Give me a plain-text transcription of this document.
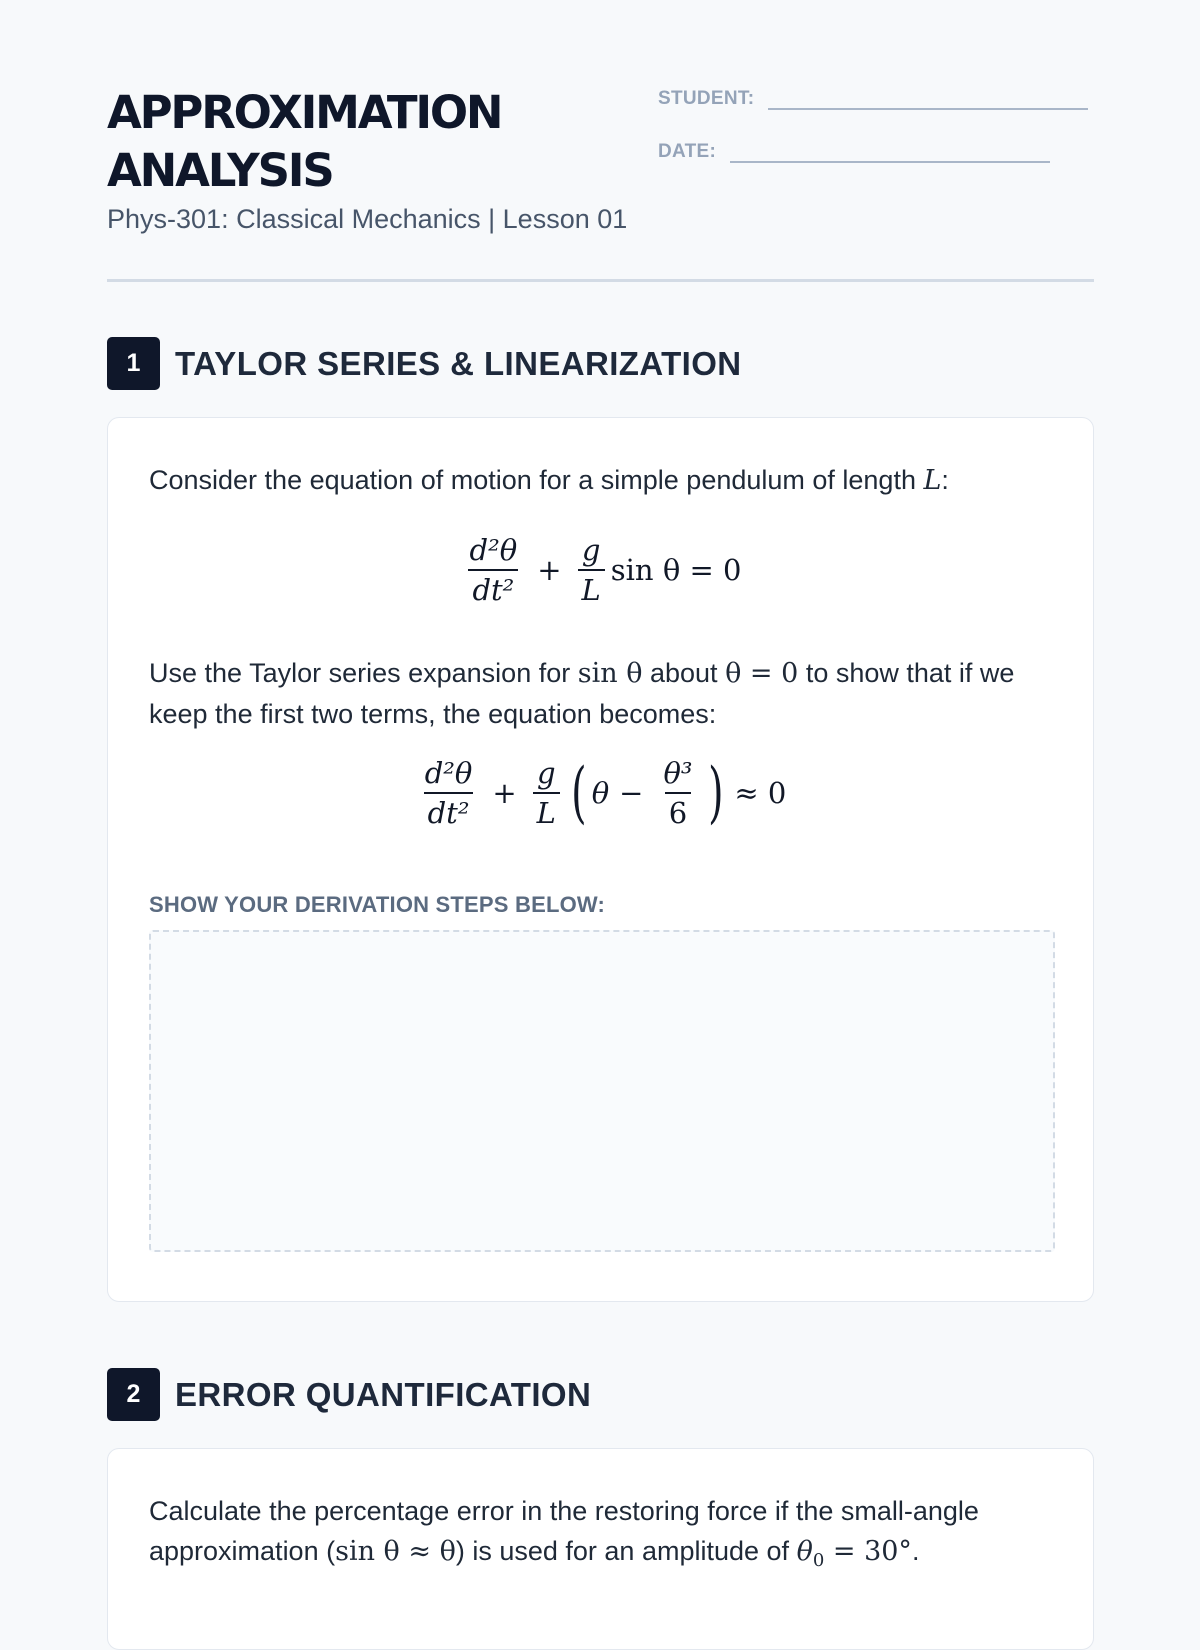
APPROXIMATION
ANALYSIS

Phys-301: Classical Mechanics | Lesson 01

STUDENT:
DATE:
1	TAYLOR SERIES & LINEARIZATION

Consider the equation of motion for a simple pendulum of length L:

$\frac{\text{d²θ}}{\text{dt²}} + \frac{g}{L}$ sin θ = 0

Use the Taylor series expansion for sin θ about θ = 0 to show that if we keep the first two terms, the equation becomes:

$\frac{\text{d²θ}}{\text{dt²}} + \frac{g}{L}$ ( $\theta - \frac{\text{θ³}}{6}$ ) ≈ 0
SHOW YOUR DERIVATION STEPS BELOW:
2	ERROR QUANTIFICATION

Calculate the percentage error in the restoring force if the small-angle approximation (sin θ ≈ θ) is used for an amplitude of $\theta_0 = 30^\circ$.
